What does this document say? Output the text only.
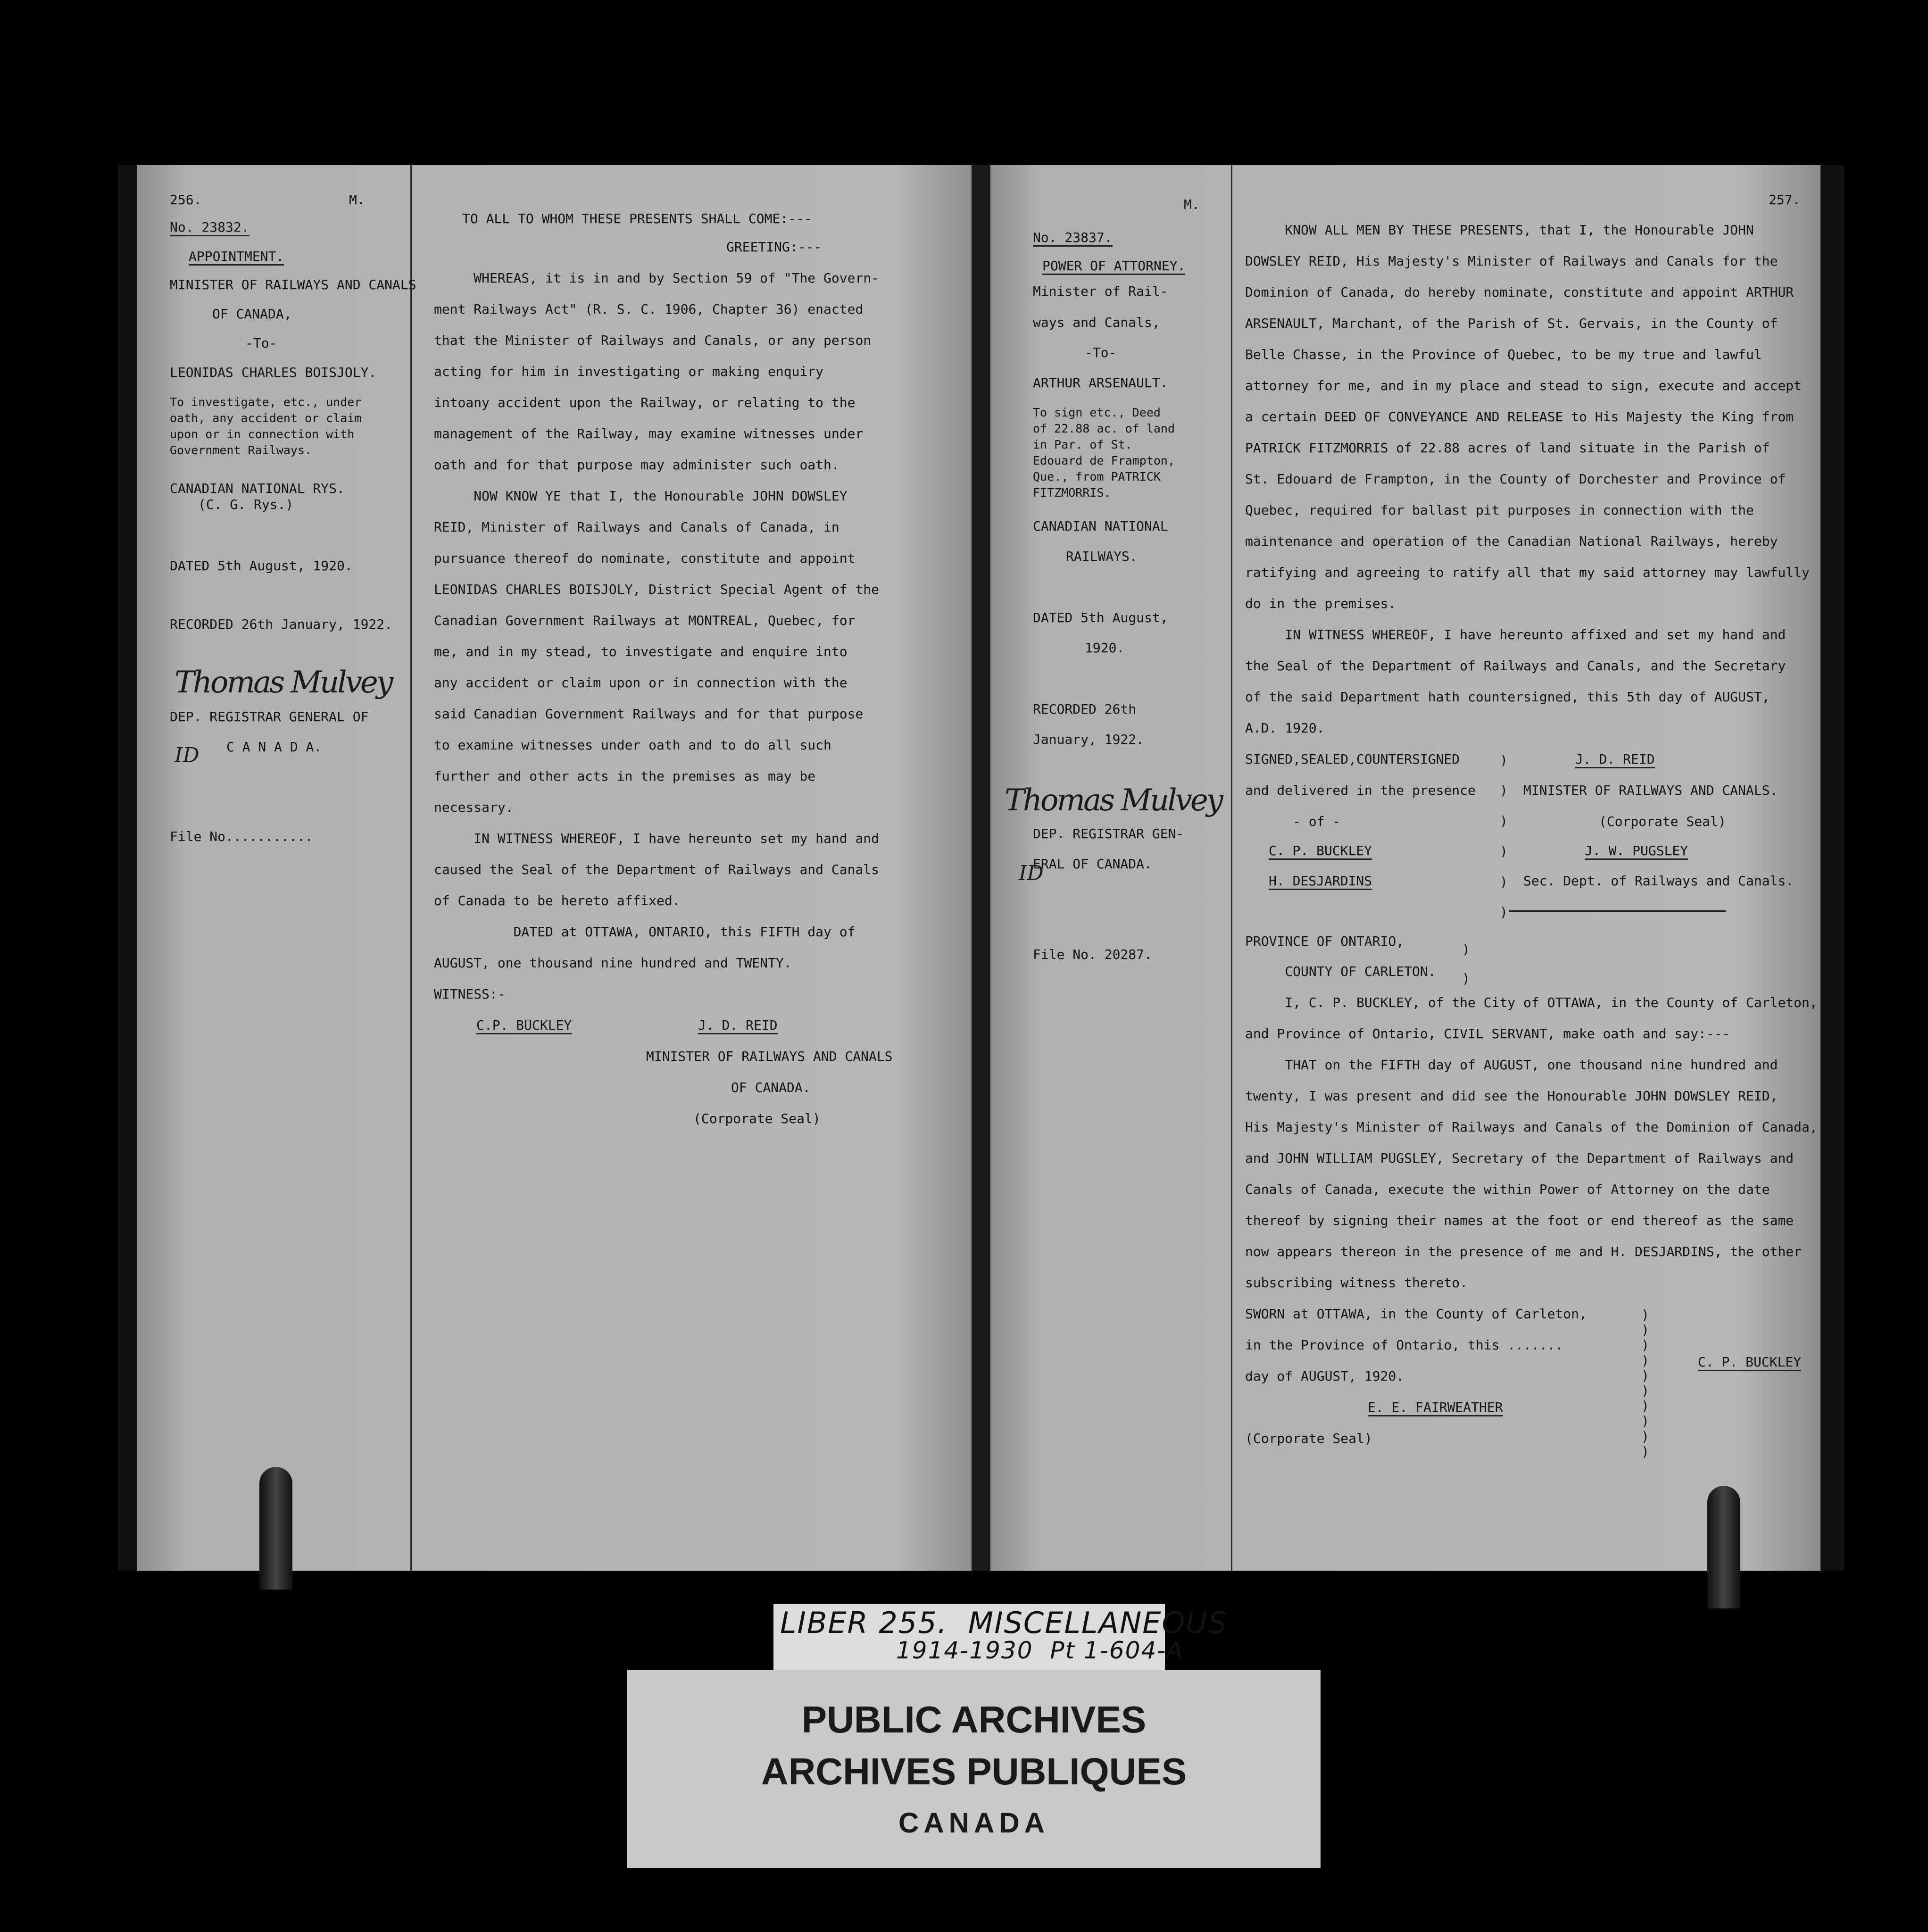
256.	M.
No. 23832.
APPOINTMENT.
MINISTER OF RAILWAYS AND CANALS
OF CANADA,
-To-
LEONIDAS CHARLES BOISJOLY.
To investigate, etc., under
oath, any accident or claim
upon or in connection with
Government Railways.
CANADIAN NATIONAL RYS.
(C. G. Rys.)
DATED 5th August, 1920.
RECORDED 26th January, 1922.
Thomas Mulvey
DEP. REGISTRAR GENERAL OF
C A N A D A.
ID
File No...........
TO ALL TO WHOM THESE PRESENTS SHALL COME:---
GREETING:---
WHEREAS, it is in and by Section 59 of "The Govern-
ment Railways Act" (R. S. C. 1906, Chapter 36) enacted
that the Minister of Railways and Canals, or any person
acting for him in investigating or making enquiry
intoany accident upon the Railway, or relating to the
management of the Railway, may examine witnesses under
oath and for that purpose may administer such oath.
NOW KNOW YE that I, the Honourable JOHN DOWSLEY
REID, Minister of Railways and Canals of Canada, in
pursuance thereof do nominate, constitute and appoint
LEONIDAS CHARLES BOISJOLY, District Special Agent of the
Canadian Government Railways at MONTREAL, Quebec, for
me, and in my stead, to investigate and enquire into
any accident or claim upon or in connection with the
said Canadian Government Railways and for that purpose
to examine witnesses under oath and to do all such
further and other acts in the premises as may be
necessary.
IN WITNESS WHEREOF, I have hereunto set my hand and
caused the Seal of the Department of Railways and Canals
of Canada to be hereto affixed.
DATED at OTTAWA, ONTARIO, this FIFTH day of
AUGUST, one thousand nine hundred and TWENTY.
WITNESS:-
C.P. BUCKLEY	J. D. REID
MINISTER OF RAILWAYS AND CANALS
OF CANADA.
(Corporate Seal)
257.
M.
No. 23837.
POWER OF ATTORNEY.
Minister of Rail-
ways and Canals,
-To-
ARTHUR ARSENAULT.
To sign etc., Deed
of 22.88 ac. of land
in Par. of St.
Edouard de Frampton,
Que., from PATRICK
FITZMORRIS.
CANADIAN NATIONAL
RAILWAYS.
DATED 5th August,
1920.
RECORDED 26th
January, 1922.
Thomas Mulvey
DEP. REGISTRAR GEN-
ERAL OF CANADA.
ID
File No. 20287.
KNOW ALL MEN BY THESE PRESENTS, that I, the Honourable JOHN
DOWSLEY REID, His Majesty's Minister of Railways and Canals for the
Dominion of Canada, do hereby nominate, constitute and appoint ARTHUR
ARSENAULT, Marchant, of the Parish of St. Gervais, in the County of
Belle Chasse, in the Province of Quebec, to be my true and lawful
attorney for me, and in my place and stead to sign, execute and accept
a certain DEED OF CONVEYANCE AND RELEASE to His Majesty the King from
PATRICK FITZMORRIS of 22.88 acres of land situate in the Parish of
St. Edouard de Frampton, in the County of Dorchester and Province of
Quebec, required for ballast pit purposes in connection with the
maintenance and operation of the Canadian National Railways, hereby
ratifying and agreeing to ratify all that my said attorney may lawfully
do in the premises.
IN WITNESS WHEREOF, I have hereunto affixed and set my hand and
the Seal of the Department of Railways and Canals, and the Secretary
of the said Department hath countersigned, this 5th day of AUGUST,
A.D. 1920.
SIGNED,SEALED,COUNTERSIGNED
and delivered in the presence
- of -
C. P. BUCKLEY
H. DESJARDINS
)

)

)

)

)

)
J. D. REID
MINISTER OF RAILWAYS AND CANALS.
(Corporate Seal)
J. W. PUGSLEY
Sec. Dept. of Railways and Canals.
PROVINCE OF ONTARIO,
COUNTY OF CARLETON.
)
)
I, C. P. BUCKLEY, of the City of OTTAWA, in the County of Carleton,
and Province of Ontario, CIVIL SERVANT, make oath and say:---
THAT on the FIFTH day of AUGUST, one thousand nine hundred and
twenty, I was present and did see the Honourable JOHN DOWSLEY REID,
His Majesty's Minister of Railways and Canals of the Dominion of Canada,
and JOHN WILLIAM PUGSLEY, Secretary of the Department of Railways and
Canals of Canada, execute the within Power of Attorney on the date
thereof by signing their names at the foot or end thereof as the same
now appears thereon in the presence of me and H. DESJARDINS, the other
subscribing witness thereto.
SWORN at OTTAWA, in the County of Carleton,
in the Province of Ontario, this .......
day of AUGUST, 1920.
E. E. FAIRWEATHER
(Corporate Seal)
)
)
)
)
)
)
)
)
)
)
C. P. BUCKLEY
LIBER 255.  MISCELLANEOUS
1914-1930  Pt 1-604-A
PUBLIC ARCHIVES
ARCHIVES PUBLIQUES
CANADA
